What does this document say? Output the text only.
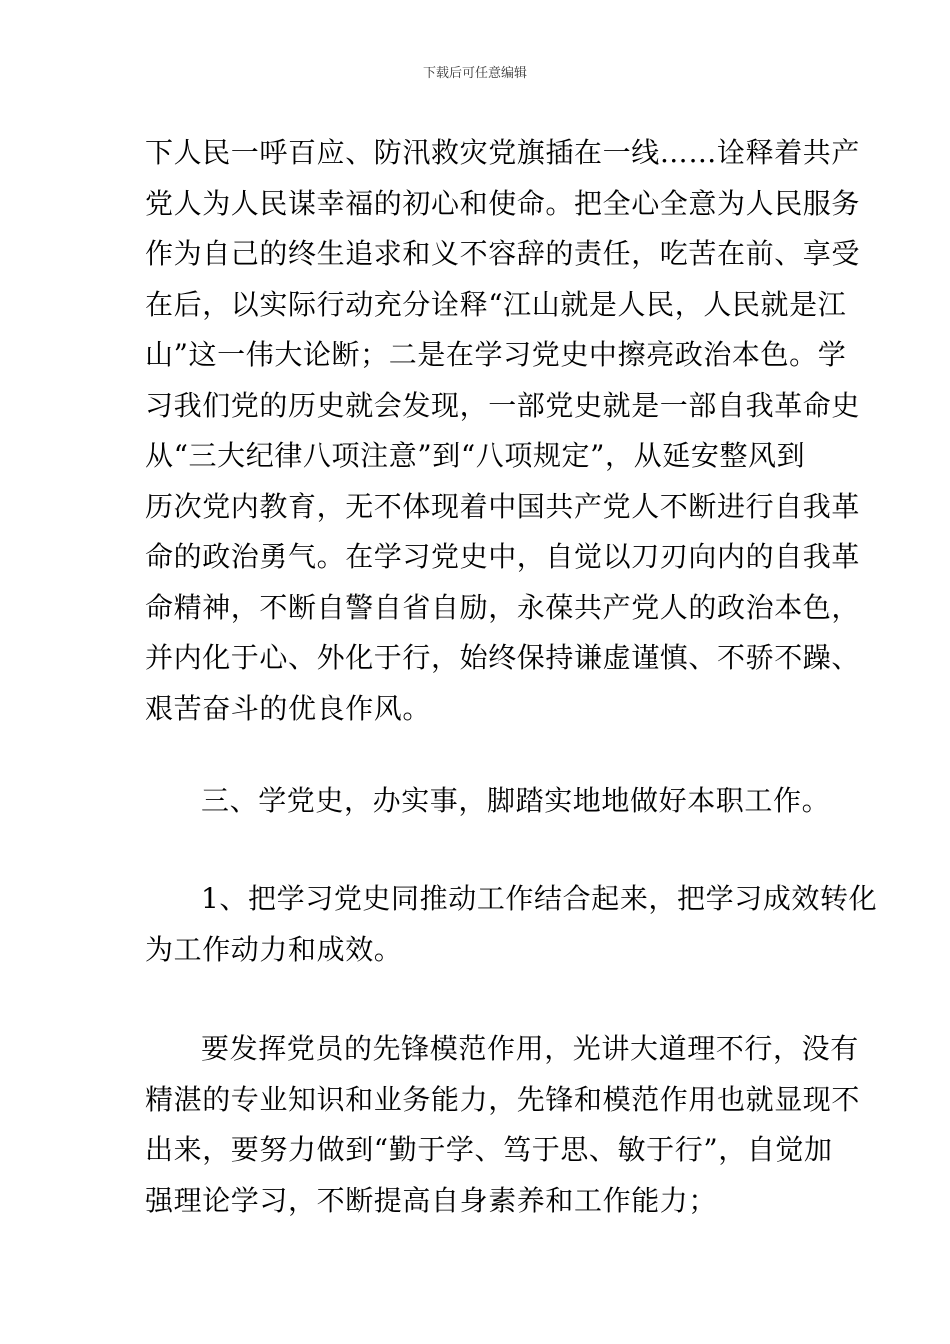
下载后可任意编辑

下人民一呼百应、防汛救灾党旗插在一线……诠释着共产
党人为人民谋幸福的初心和使命。把全心全意为人民服务
作为自己的终生追求和义不容辞的责任，吃苦在前、享受
在后，以实际行动充分诠释“江山就是人民，人民就是江
山”这一伟大论断；二是在学习党史中擦亮政治本色。学
习我们党的历史就会发现，一部党史就是一部自我革命史
从“三大纪律八项注意”到“八项规定”，从延安整风到
历次党内教育，无不体现着中国共产党人不断进行自我革
命的政治勇气。在学习党史中，自觉以刀刃向内的自我革
命精神，不断自警自省自励，永葆共产党人的政治本色，
并内化于心、外化于行，始终保持谦虚谨慎、不骄不躁、
艰苦奋斗的优良作风。

三、学党史，办实事，脚踏实地地做好本职工作。

1、把学习党史同推动工作结合起来，把学习成效转化
为工作动力和成效。

要发挥党员的先锋模范作用，光讲大道理不行，没有
精湛的专业知识和业务能力，先锋和模范作用也就显现不
出来，要努力做到“勤于学、笃于思、敏于行”，自觉加
强理论学习，不断提高自身素养和工作能力；
